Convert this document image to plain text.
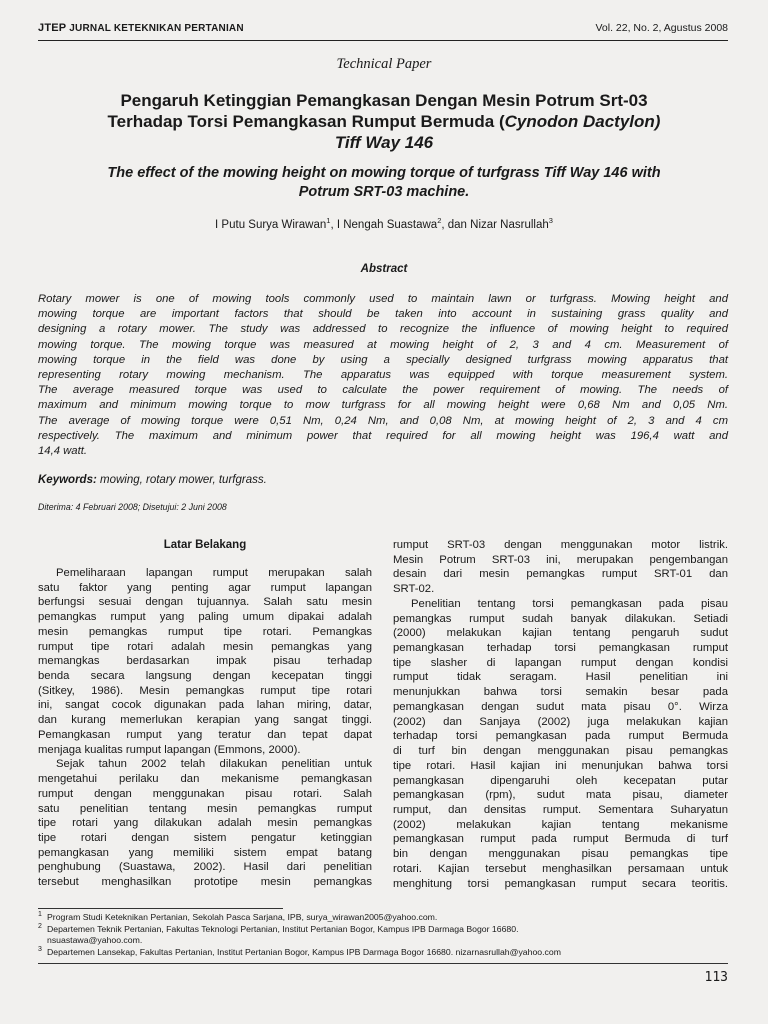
JTEP JURNAL KETEKNIKAN PERTANIAN	Vol. 22, No. 2, Agustus 2008
Technical Paper
Pengaruh Ketinggian Pemangkasan Dengan Mesin Potrum Srt-03
Terhadap Torsi Pemangkasan Rumput Bermuda (Cynodon Dactylon)
Tiff Way 146
The effect of the mowing height on mowing torque of turfgrass Tiff Way 146 with
Potrum SRT-03 machine.
I Putu Surya Wirawan$^1$, I Nengah Suastawa$^2$, dan Nizar Nasrullah$^3$
Abstract

Rotary mower is one of mowing tools commonly used to maintain lawn or turfgrass. Mowing height and

mowing torque are important factors that should be taken into account in sustaining grass quality and

designing a rotary mower. The study was addressed to recognize the influence of mowing height to required

mowing torque. The mowing torque was measured at mowing height of 2, 3 and 4 cm. Measurement of

mowing torque in the field was done by using a specially designed turfgrass mowing apparatus that

representing rotary mowing mechanism. The apparatus was equipped with torque measurement system.

The average measured torque was used to calculate the power requirement of mowing. The needs of

maximum and minimum mowing torque to mow turfgrass for all mowing height were 0,68 Nm and 0,05 Nm.

The average of mowing torque were 0,51 Nm, 0,24 Nm, and 0,08 Nm, at mowing height of 2, 3 and 4 cm

respectively. The maximum and minimum power that required for all mowing height was 196,4 watt and

14,4 watt.

Keywords: mowing, rotary mower, turfgrass.
Diterima: 4 Februari 2008; Disetujui: 2 Juni 2008
Latar Belakang

Pemeliharaan lapangan rumput merupakan salah

satu faktor yang penting agar rumput lapangan

berfungsi sesuai dengan tujuannya. Salah satu mesin

pemangkas rumput yang paling umum dipakai adalah

mesin pemangkas rumput tipe rotari. Pemangkas

rumput tipe rotari adalah mesin pemangkas yang

memangkas berdasarkan impak pisau terhadap

benda secara langsung dengan kecepatan tinggi

(Sitkey, 1986). Mesin pemangkas rumput tipe rotari

ini, sangat cocok digunakan pada lahan miring, datar,

dan kurang memerlukan kerapian yang sangat tinggi.

Pemangkasan rumput yang teratur dan tepat dapat

menjaga kualitas rumput lapangan (Emmons, 2000).

Sejak tahun 2002 telah dilakukan penelitian untuk

mengetahui perilaku dan mekanisme pemangkasan

rumput dengan menggunakan pisau rotari. Salah

satu penelitian tentang mesin pemangkas rumput

tipe rotari yang dilakukan adalah mesin pemangkas

tipe rotari dengan sistem pengatur ketinggian

pemangkasan yang memiliki sistem empat batang

penghubung (Suastawa, 2002). Hasil dari penelitian

tersebut menghasilkan prototipe mesin pemangkas

rumput SRT-03 dengan menggunakan motor listrik.

Mesin Potrum SRT-03 ini, merupakan pengembangan

desain dari mesin pemangkas rumput SRT-01 dan

SRT-02.

Penelitian tentang torsi pemangkasan pada pisau

pemangkas rumput sudah banyak dilakukan. Setiadi

(2000) melakukan kajian tentang pengaruh sudut

pemangkasan terhadap torsi pemangkasan rumput

tipe slasher di lapangan rumput dengan kondisi

rumput tidak seragam. Hasil penelitian ini

menunjukkan bahwa torsi semakin besar pada

pemangkasan dengan sudut mata pisau 0°. Wirza

(2002) dan Sanjaya (2002) juga melakukan kajian

terhadap torsi pemangkasan pada rumput Bermuda

di turf bin dengan menggunakan pisau pemangkas

tipe rotari. Hasil kajian ini menunjukan bahwa torsi

pemangkasan dipengaruhi oleh kecepatan putar

pemangkasan (rpm), sudut mata pisau, diameter

rumput, dan densitas rumput. Sementara Suharyatun

(2002) melakukan kajian tentang mekanisme

pemangkasan rumput pada rumput Bermuda di turf

bin dengan menggunakan pisau pemangkas tipe

rotari. Kajian tersebut menghasilkan persamaan untuk

menghitung torsi pemangkasan rumput secara teoritis.

1 Program Studi Keteknikan Pertanian, Sekolah Pasca Sarjana, IPB, surya_wirawan2005@yahoo.com.

2 Departemen Teknik Pertanian, Fakultas Teknologi Pertanian, Institut Pertanian Bogor, Kampus IPB Darmaga Bogor 16680.

nsuastawa@yahoo.com.

3 Departemen Lansekap, Fakultas Pertanian, Institut Pertanian Bogor, Kampus IPB Darmaga Bogor 16680. nizarnasrullah@yahoo.com

113
